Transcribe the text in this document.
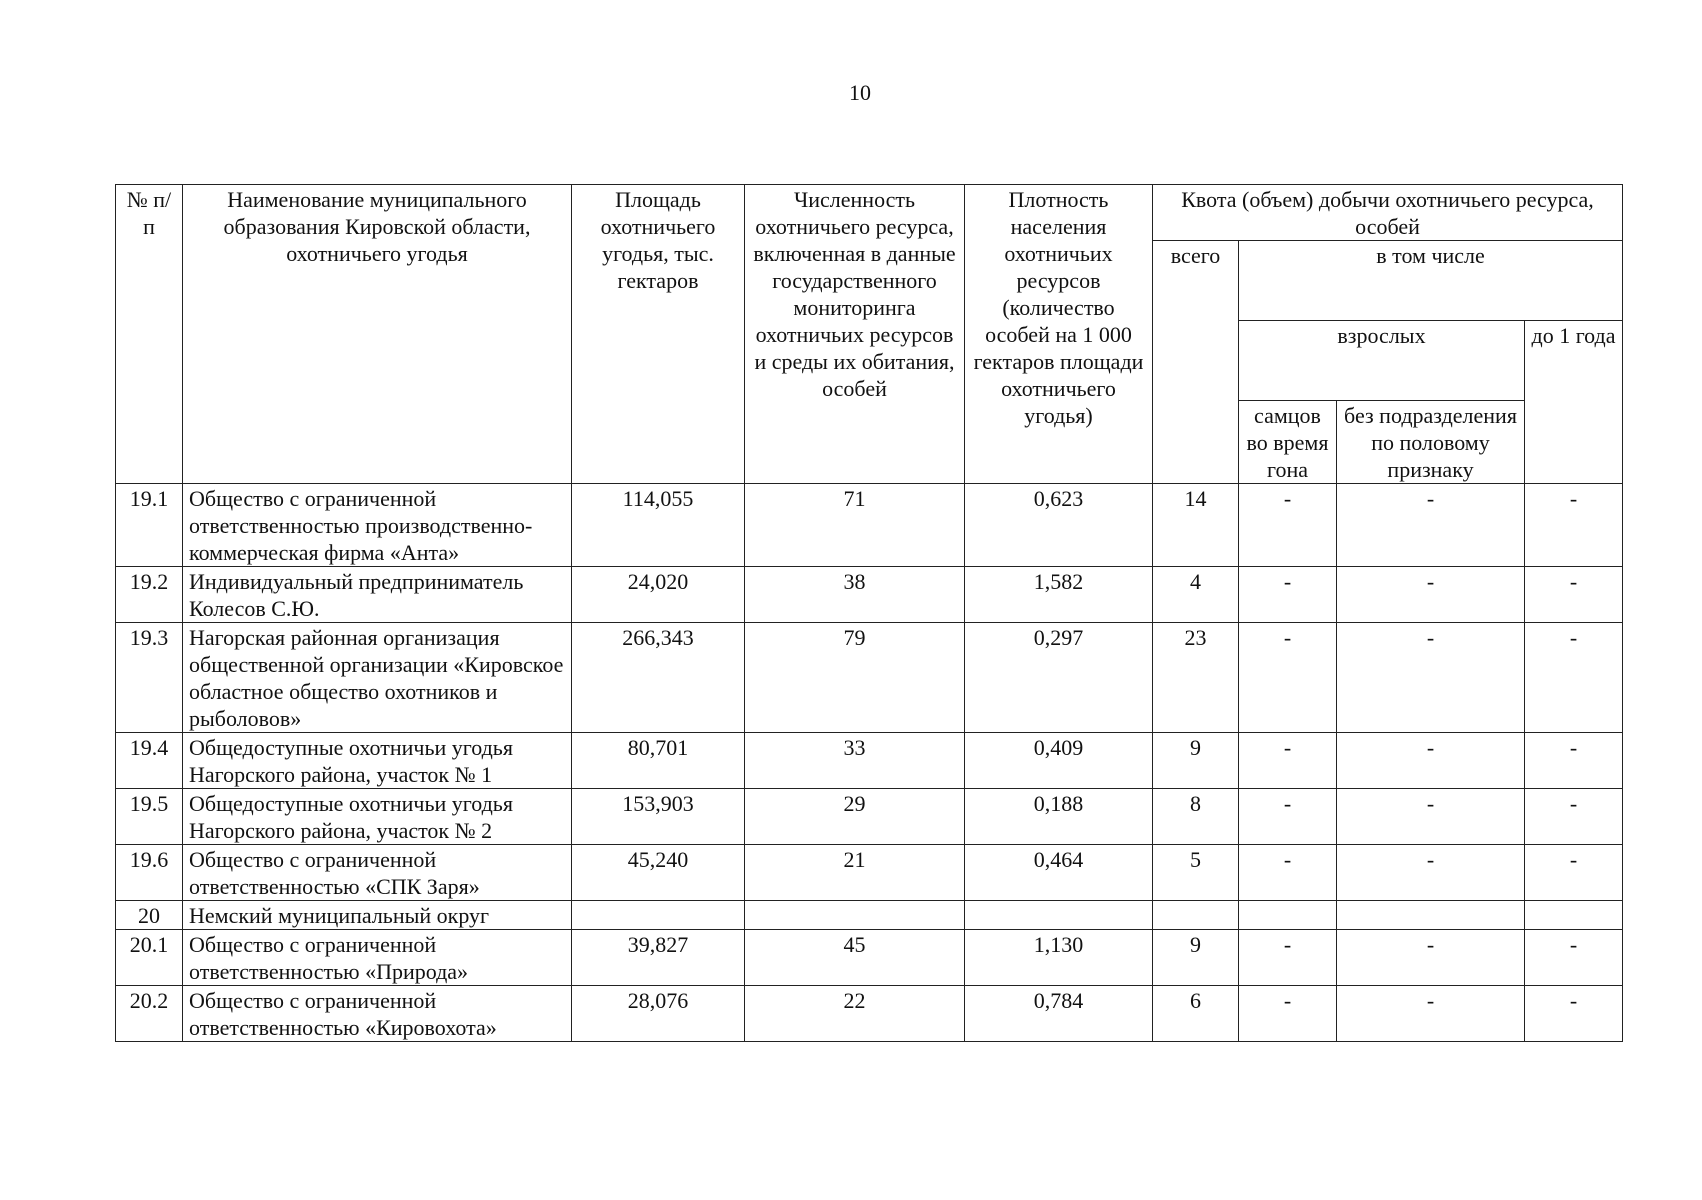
10
№ п/п	Наименование муниципального образования Кировской области, охотничьего угодья	Площадь охотничьего угодья, тыс. гектаров	Численность охотничьего ресурса, включенная в данные государственного мониторинга охотничьих ресурсов и среды их обитания, особей	Плотность населения охотничьих ресурсов (количество особей на 1 000 гектаров площади охотничьего угодья)	Квота (объем) добычи охотничьего ресурса, особей			
					всего	в том числе		
						взрослых		до 1 года
						самцов во время гона	без подразделения по половому признаку	
19.1	Общество с ограниченной ответственностью производственно-коммерческая фирма «Анта»	114,055	71	0,623	14	-	-	-
19.2	Индивидуальный предприниматель Колесов С.Ю.	24,020	38	1,582	4	-	-	-
19.3	Нагорская районная организация общественной организации «Кировское областное общество охотников и рыболовов»	266,343	79	0,297	23	-	-	-
19.4	Общедоступные охотничьи угодья Нагорского района, участок № 1	80,701	33	0,409	9	-	-	-
19.5	Общедоступные охотничьи угодья Нагорского района, участок № 2	153,903	29	0,188	8	-	-	-
19.6	Общество с ограниченной ответственностью «СПК Заря»	45,240	21	0,464	5	-	-	-
20	Немский муниципальный округ							
20.1	Общество с ограниченной ответственностью «Природа»	39,827	45	1,130	9	-	-	-
20.2	Общество с ограниченной ответственностью «Кировохота»	28,076	22	0,784	6	-	-	-
